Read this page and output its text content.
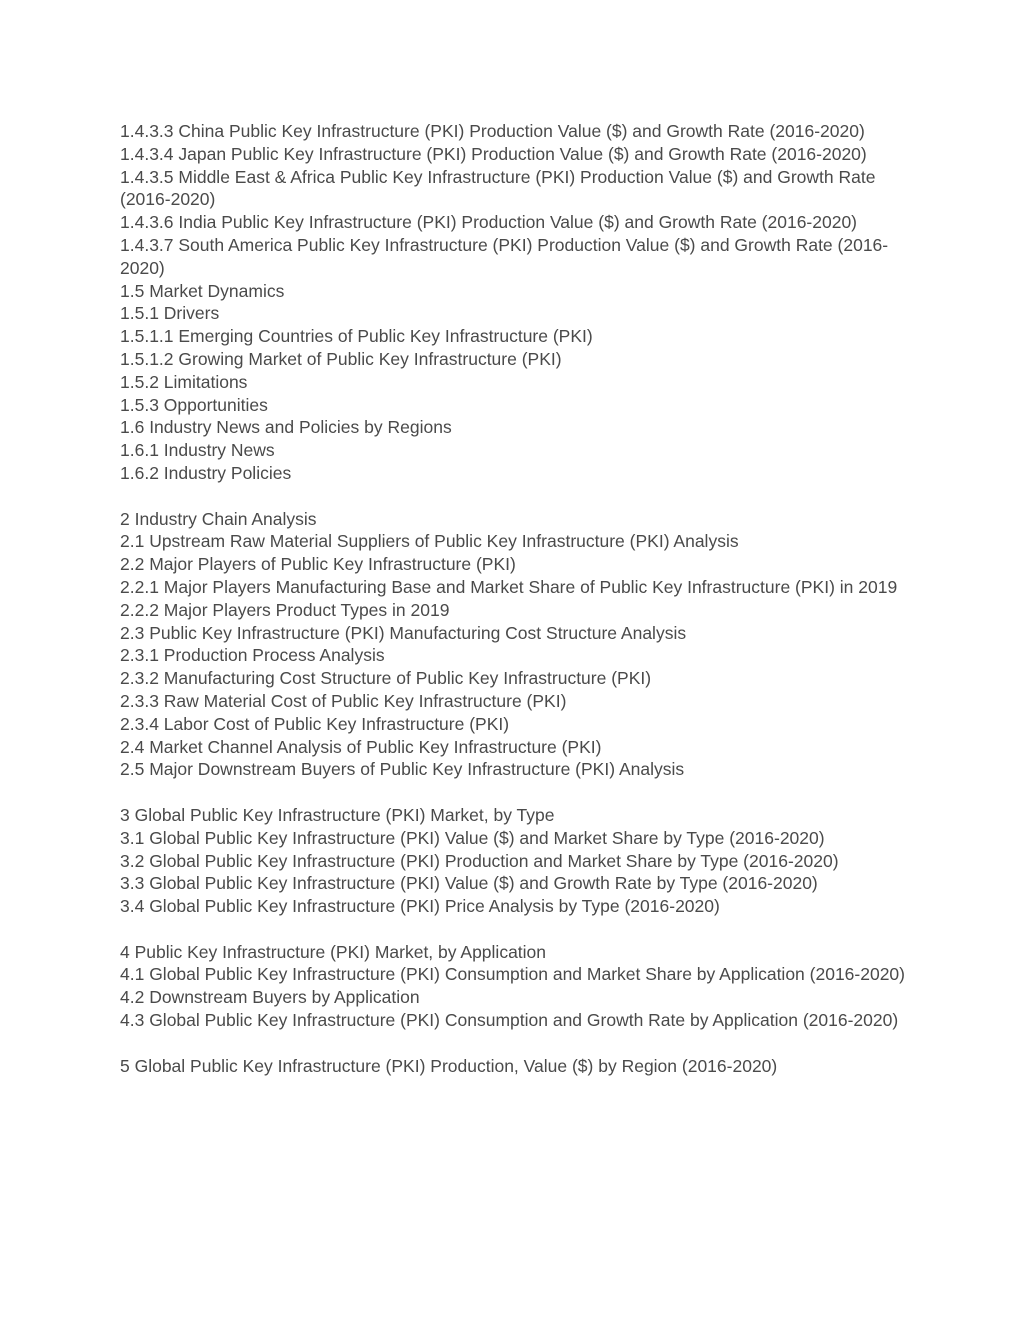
1.4.3.3 China Public Key Infrastructure (PKI) Production Value ($) and Growth Rate (2016-2020)

1.4.3.4 Japan Public Key Infrastructure (PKI) Production Value ($) and Growth Rate (2016-2020)

1.4.3.5 Middle East & Africa Public Key Infrastructure (PKI) Production Value ($) and Growth Rate (2016-2020)

1.4.3.6 India Public Key Infrastructure (PKI) Production Value ($) and Growth Rate (2016-2020)

1.4.3.7 South America Public Key Infrastructure (PKI) Production Value ($) and Growth Rate (2016-2020)

1.5 Market Dynamics

1.5.1 Drivers

1.5.1.1 Emerging Countries of Public Key Infrastructure (PKI)

1.5.1.2 Growing Market of Public Key Infrastructure (PKI)

1.5.2 Limitations

1.5.3 Opportunities

1.6 Industry News and Policies by Regions

1.6.1 Industry News

1.6.2 Industry Policies

2 Industry Chain Analysis

2.1 Upstream Raw Material Suppliers of Public Key Infrastructure (PKI) Analysis

2.2 Major Players of Public Key Infrastructure (PKI)

2.2.1 Major Players Manufacturing Base and Market Share of Public Key Infrastructure (PKI) in 2019

2.2.2 Major Players Product Types in 2019

2.3 Public Key Infrastructure (PKI) Manufacturing Cost Structure Analysis

2.3.1 Production Process Analysis

2.3.2 Manufacturing Cost Structure of Public Key Infrastructure (PKI)

2.3.3 Raw Material Cost of Public Key Infrastructure (PKI)

2.3.4 Labor Cost of Public Key Infrastructure (PKI)

2.4 Market Channel Analysis of Public Key Infrastructure (PKI)

2.5 Major Downstream Buyers of Public Key Infrastructure (PKI) Analysis

3 Global Public Key Infrastructure (PKI) Market, by Type

3.1 Global Public Key Infrastructure (PKI) Value ($) and Market Share by Type (2016-2020)

3.2 Global Public Key Infrastructure (PKI) Production and Market Share by Type (2016-2020)

3.3 Global Public Key Infrastructure (PKI) Value ($) and Growth Rate by Type (2016-2020)

3.4 Global Public Key Infrastructure (PKI) Price Analysis by Type (2016-2020)

4 Public Key Infrastructure (PKI) Market, by Application

4.1 Global Public Key Infrastructure (PKI) Consumption and Market Share by Application (2016-2020)

4.2 Downstream Buyers by Application

4.3 Global Public Key Infrastructure (PKI) Consumption and Growth Rate by Application (2016-2020)

5 Global Public Key Infrastructure (PKI) Production, Value ($) by Region (2016-2020)
